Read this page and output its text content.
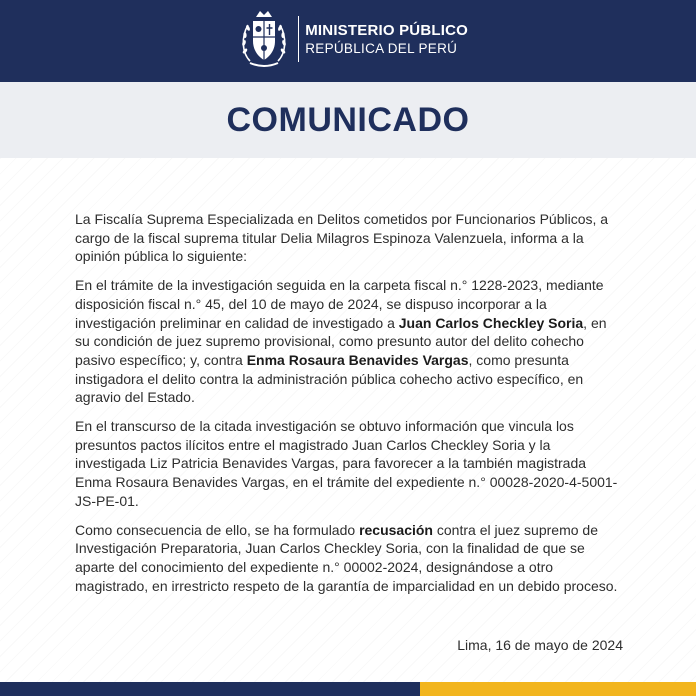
MINISTERIO PÚBLICO
REPÚBLICA DEL PERÚ
COMUNICADO

La Fiscalía Suprema Especializada en Delitos cometidos por Funcionarios Públicos, a cargo de la fiscal suprema titular Delia Milagros Espinoza Valenzuela, informa a la opinión pública lo siguiente:

En el trámite de la investigación seguida en la carpeta fiscal n.° 1228-2023, mediante disposición fiscal n.° 45, del 10 de mayo de 2024, se dispuso incorporar a la investigación preliminar en calidad de investigado a Juan Carlos Checkley Soria, en su condición de juez supremo provisional, como presunto autor del delito cohecho pasivo específico; y, contra Enma Rosaura Benavides Vargas, como presunta instigadora el delito contra la administración pública cohecho activo específico, en agravio del Estado.

En el transcurso de la citada investigación se obtuvo información que vincula los presuntos pactos ilícitos entre el magistrado Juan Carlos Checkley Soria y la investigada Liz Patricia Benavides Vargas, para favorecer a la también magistrada Enma Rosaura Benavides Vargas, en el trámite del expediente n.° 00028-2020-4-5001-JS-PE-01.

Como consecuencia de ello, se ha formulado recusación contra el juez supremo de Investigación Preparatoria, Juan Carlos Checkley Soria, con la finalidad de que se aparte del conocimiento del expediente n.° 00002-2024, designándose a otro magistrado, en irrestricto respeto de la garantía de imparcialidad en un debido proceso.

Lima, 16 de mayo de 2024
